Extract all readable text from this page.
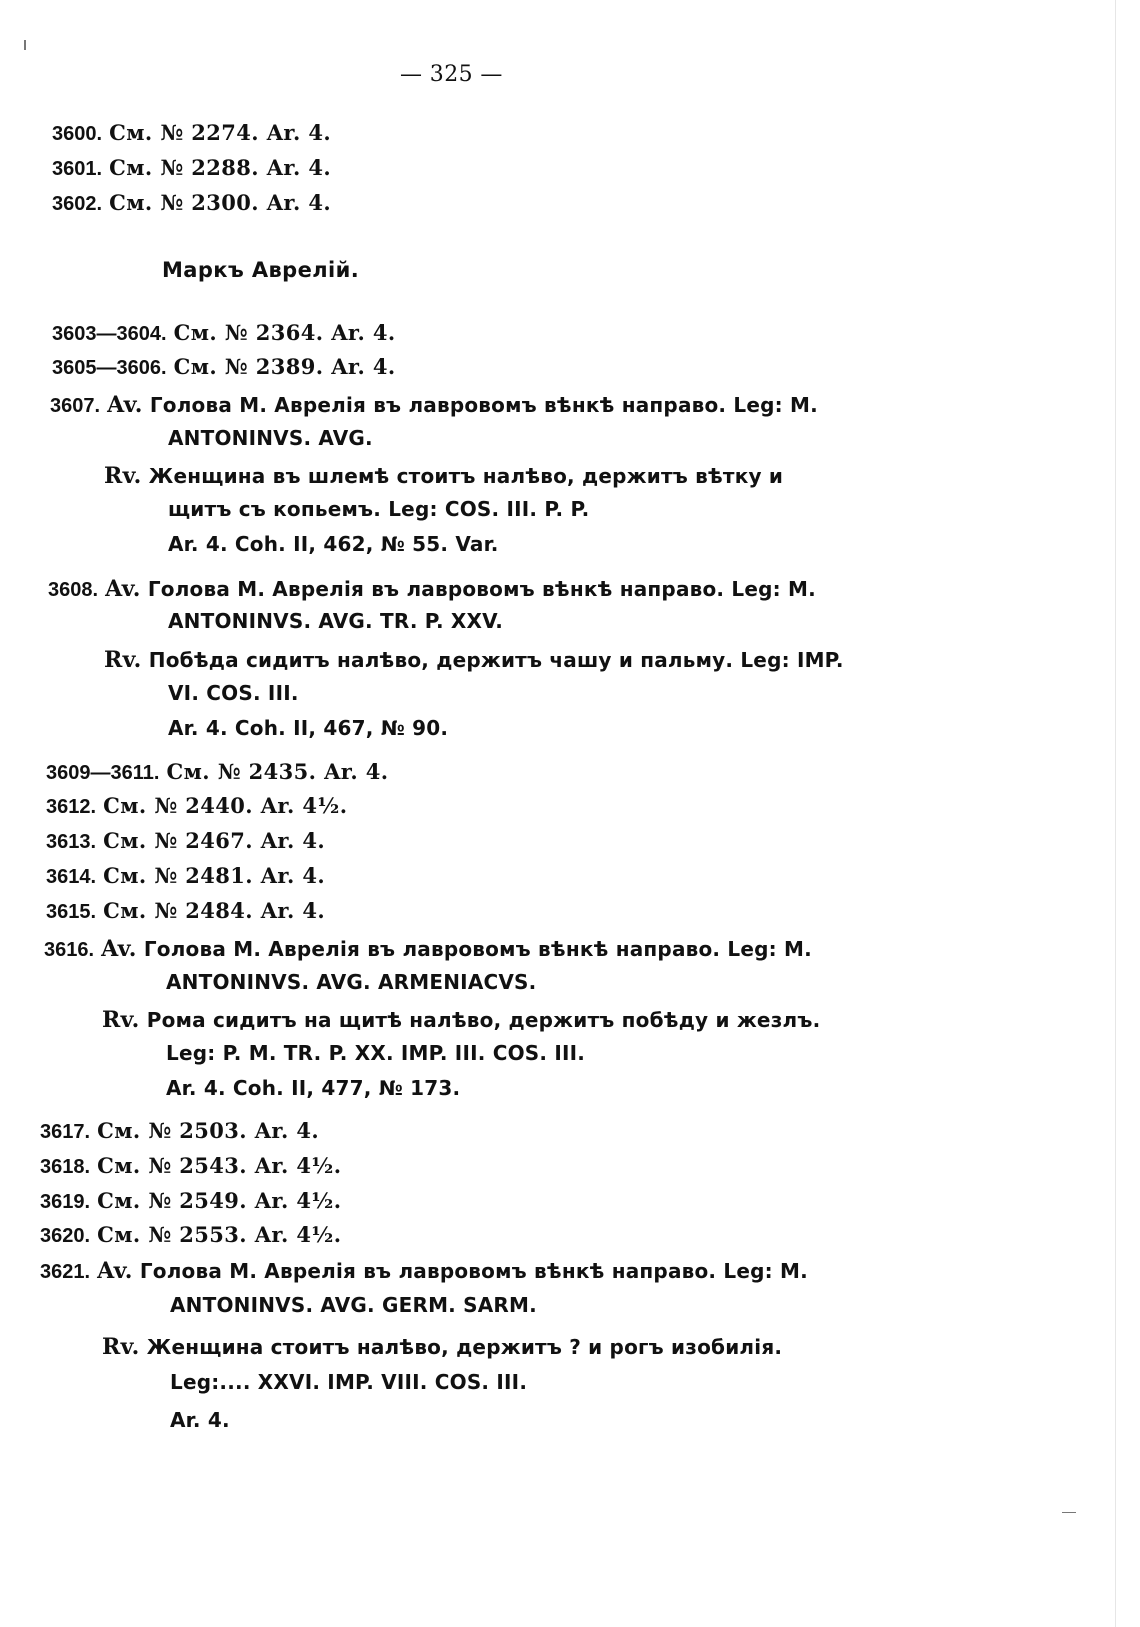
— 325 —
3600. См. № 2274. Ar. 4.
3601. См. № 2288. Ar. 4.
3602. См. № 2300. Ar. 4.
Маркъ Аврелій.
3603—3604. См. № 2364. Ar. 4.
3605—3606. См. № 2389. Ar. 4.
3607. Av. Голова М. Аврелія въ лавровомъ вѣнкѣ направо. Leg: M.
ANTONINVS. AVG.
Rv. Женщина въ шлемѣ стоитъ налѣво, держитъ вѣтку и
щитъ съ копьемъ. Leg: COS. III. P. P.
Ar. 4. Coh. II, 462, № 55. Var.
3608. Av. Голова М. Аврелія въ лавровомъ вѣнкѣ направо. Leg: M.
ANTONINVS. AVG. TR. P. XXV.
Rv. Побѣда сидитъ налѣво, держитъ чашу и пальму. Leg: IMP.
VI. COS. III.
Ar. 4. Coh. II, 467, № 90.
3609—3611. См. № 2435. Ar. 4.
3612. См. № 2440. Ar. 4½.
3613. См. № 2467. Ar. 4.
3614. См. № 2481. Ar. 4.
3615. См. № 2484. Ar. 4.
3616. Av. Голова М. Аврелія въ лавровомъ вѣнкѣ направо. Leg: M.
ANTONINVS. AVG. ARMENIACVS.
Rv. Рома сидитъ на щитѣ налѣво, держитъ побѣду и жезлъ.
Leg: P. M. TR. P. XX. IMP. III. COS. III.
Ar. 4. Coh. II, 477, № 173.
3617. См. № 2503. Ar. 4.
3618. См. № 2543. Ar. 4½.
3619. См. № 2549. Ar. 4½.
3620. См. № 2553. Ar. 4½.
3621. Av. Голова М. Аврелія въ лавровомъ вѣнкѣ направо. Leg: M.
ANTONINVS. AVG. GERM. SARM.
Rv. Женщина стоитъ налѣво, держитъ ? и рогъ изобилія.
Leg:.... XXVI. IMP. VIII. COS. III.
Ar. 4.
